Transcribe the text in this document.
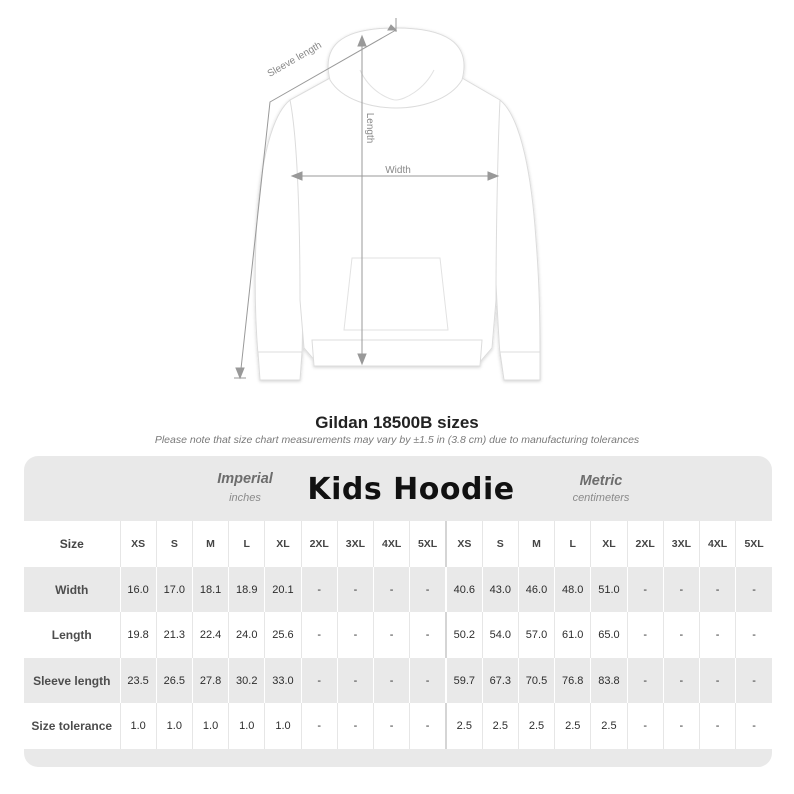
Sleeve length
Length
Width
Gildan 18500B sizes
Please note that size chart measurements may vary by ±1.5 in (3.8 cm) due to manufacturing tolerances
Imperial
inches	Kids Hoodie	Metric
centimeters
Size	XS	S	M	L	XL	2XL	3XL	4XL	5XL	XS	S	M	L	XL	2XL	3XL	4XL	5XL
Width	16.0	17.0	18.1	18.9	20.1	-	-	-	-	40.6	43.0	46.0	48.0	51.0	-	-	-	-
Length	19.8	21.3	22.4	24.0	25.6	-	-	-	-	50.2	54.0	57.0	61.0	65.0	-	-	-	-
Sleeve length	23.5	26.5	27.8	30.2	33.0	-	-	-	-	59.7	67.3	70.5	76.8	83.8	-	-	-	-
Size tolerance	1.0	1.0	1.0	1.0	1.0	-	-	-	-	2.5	2.5	2.5	2.5	2.5	-	-	-	-
